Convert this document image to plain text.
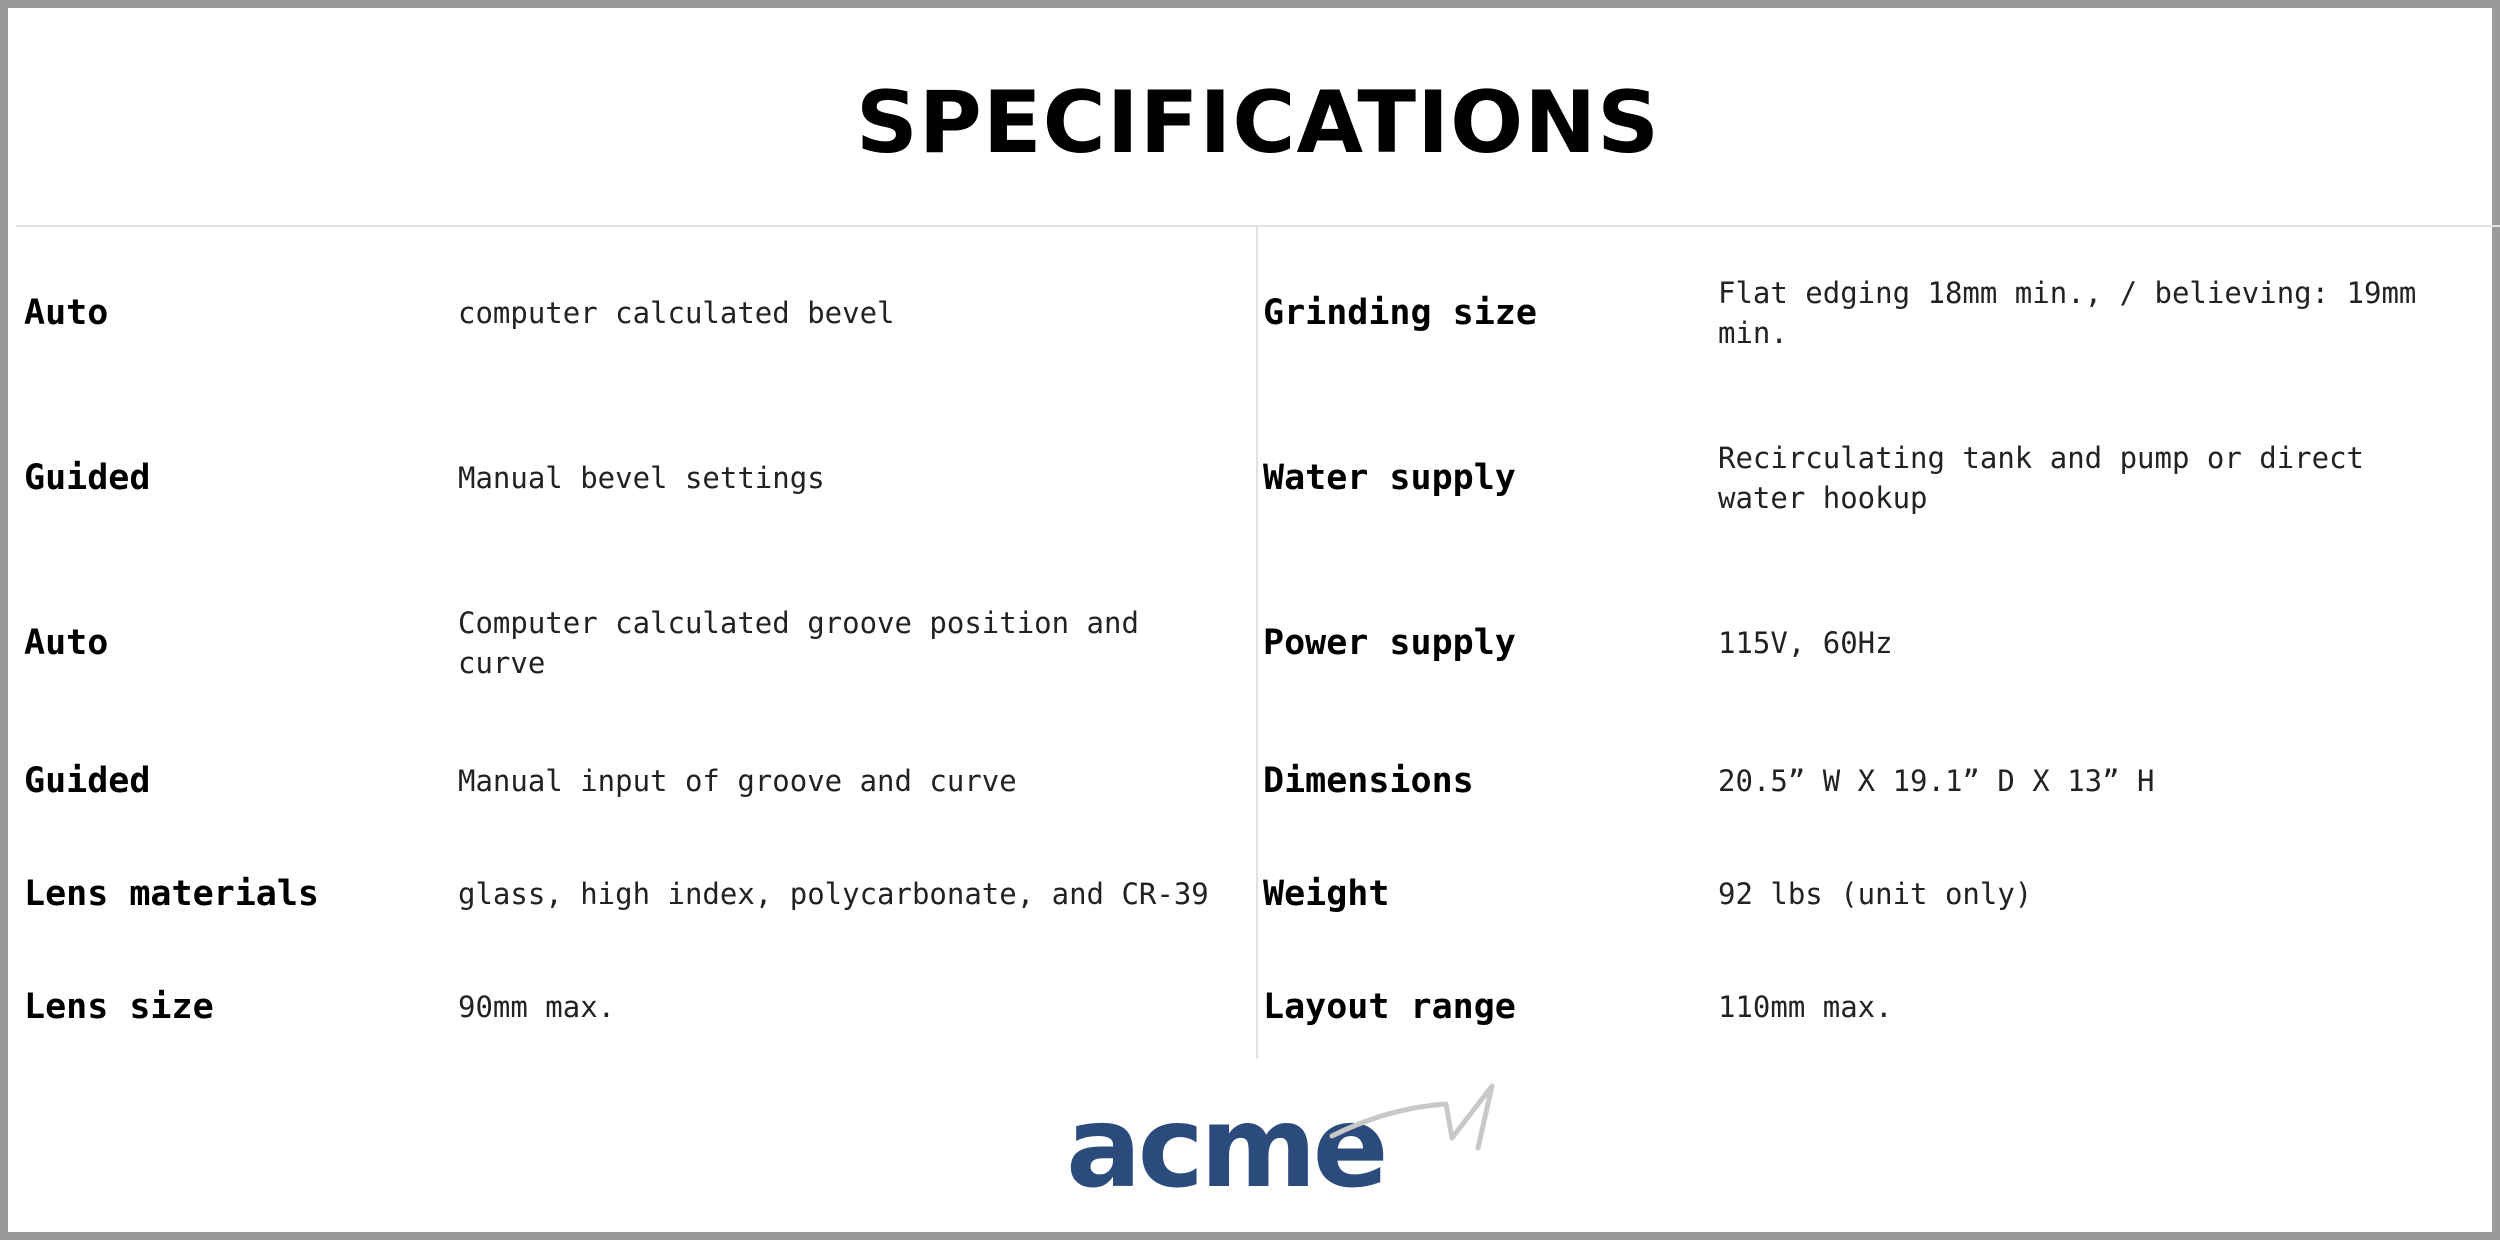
SPECIFICATIONS
Auto	computer calculated bevel
Guided	Manual bevel settings
Auto	Computer calculated groove position and curve
Guided	Manual input of groove and curve
Lens materials	glass, high index, polycarbonate, and CR-39
Lens size	90mm max.
Grinding size	Flat edging 18mm min., / believing: 19mm min.
Water supply	Recirculating tank and pump or direct water hookup
Power supply	115V, 60Hz
Dimensions	20.5” W X 19.1” D X 13” H
Weight	92 lbs (unit only)
Layout range	110mm max.
acme
